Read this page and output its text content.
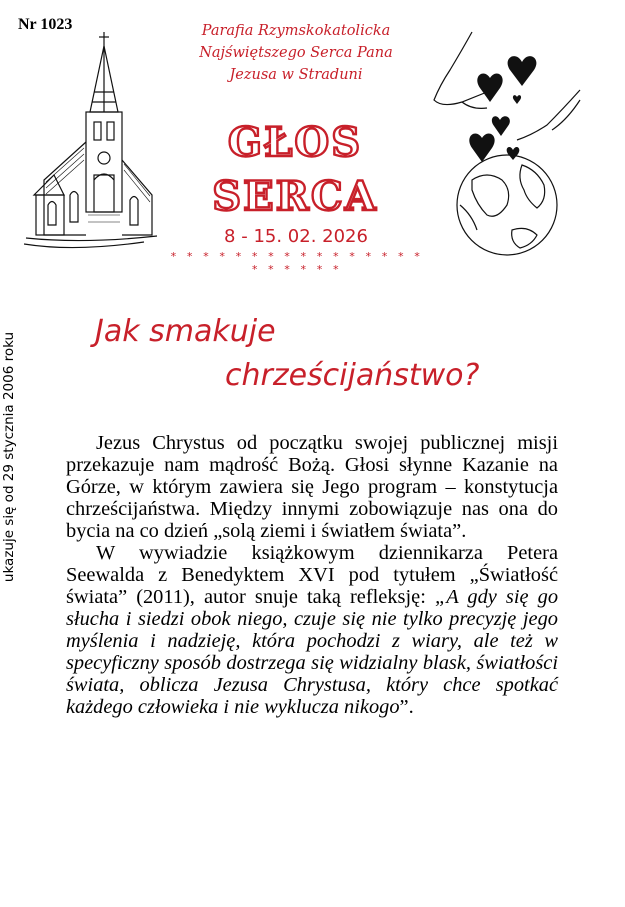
Nr 1023	Parafia Rzymskokatolicka
Najświętszego Serca Pana
Jezusa w Straduni
GŁOS
SERCA
8 - 15. 02. 2026
* * * * * * * * * * * * * * * * * * * * * *
ukazuje się od 29 stycznia 2006 roku
Jak smakuje
chrześcijaństwo?

Jezus Chrystus od początku swojej publicznej misji przekazuje nam mądrość Bożą. Głosi słynne Kazanie na Górze, w którym zawiera się Jego program – konstytucja chrześcijaństwa. Między innymi zobowiązuje nas ona do bycia na co dzień „solą ziemi i światłem świata”.

W wywiadzie książkowym dziennikarza Petera Seewalda z Benedyktem XVI pod tytułem „Światłość świata” (2011), autor snuje taką refleksję: „A gdy się go słucha i siedzi obok niego, czuje się nie tylko precyzję jego myślenia i nadzieję, która pochodzi z wiary, ale też w specyficzny sposób dostrzega się widzialny blask, światłości świata, oblicza Jezusa Chrystusa, który chce spotkać każdego człowieka i nie wyklucza nikogo”.
